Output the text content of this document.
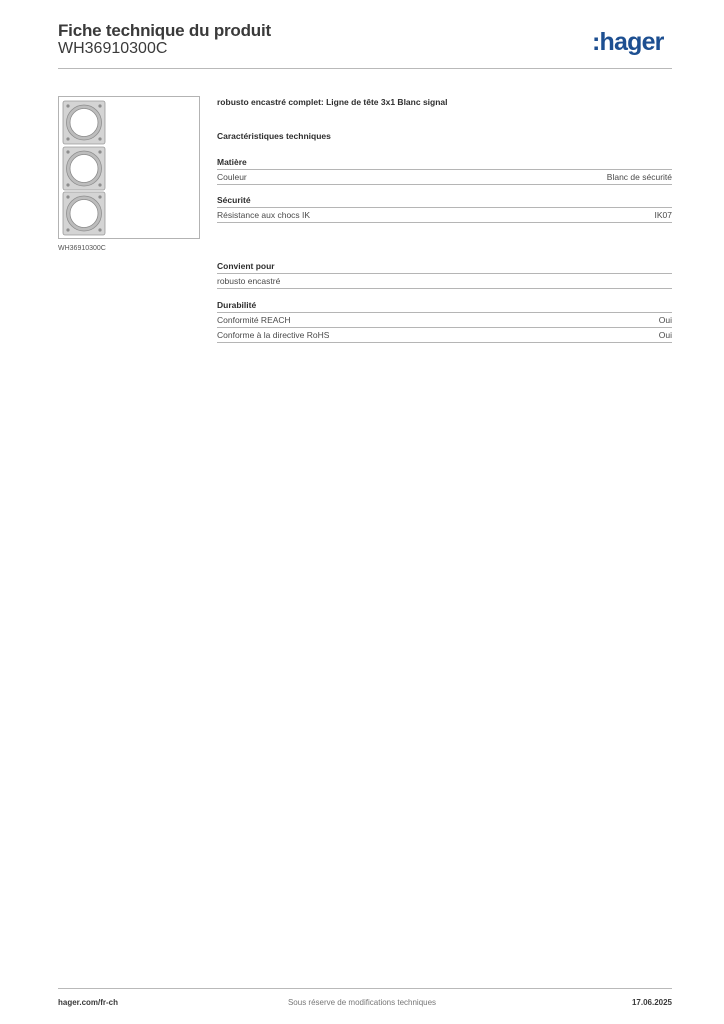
Fiche technique du produit
WH36910300C	:hager
WH36910300C
robusto encastré complet: Ligne de tête 3x1 Blanc signal
Caractéristiques techniques
Matière
Couleur	Blanc de sécurité
Sécurité
Résistance aux chocs IK	IK07
Convient pour
robusto encastré
Durabilité
Conformité REACH	Oui
Conforme à la directive RoHS	Oui
hager.com/fr-ch	Sous réserve de modifications techniques	17.06.2025
